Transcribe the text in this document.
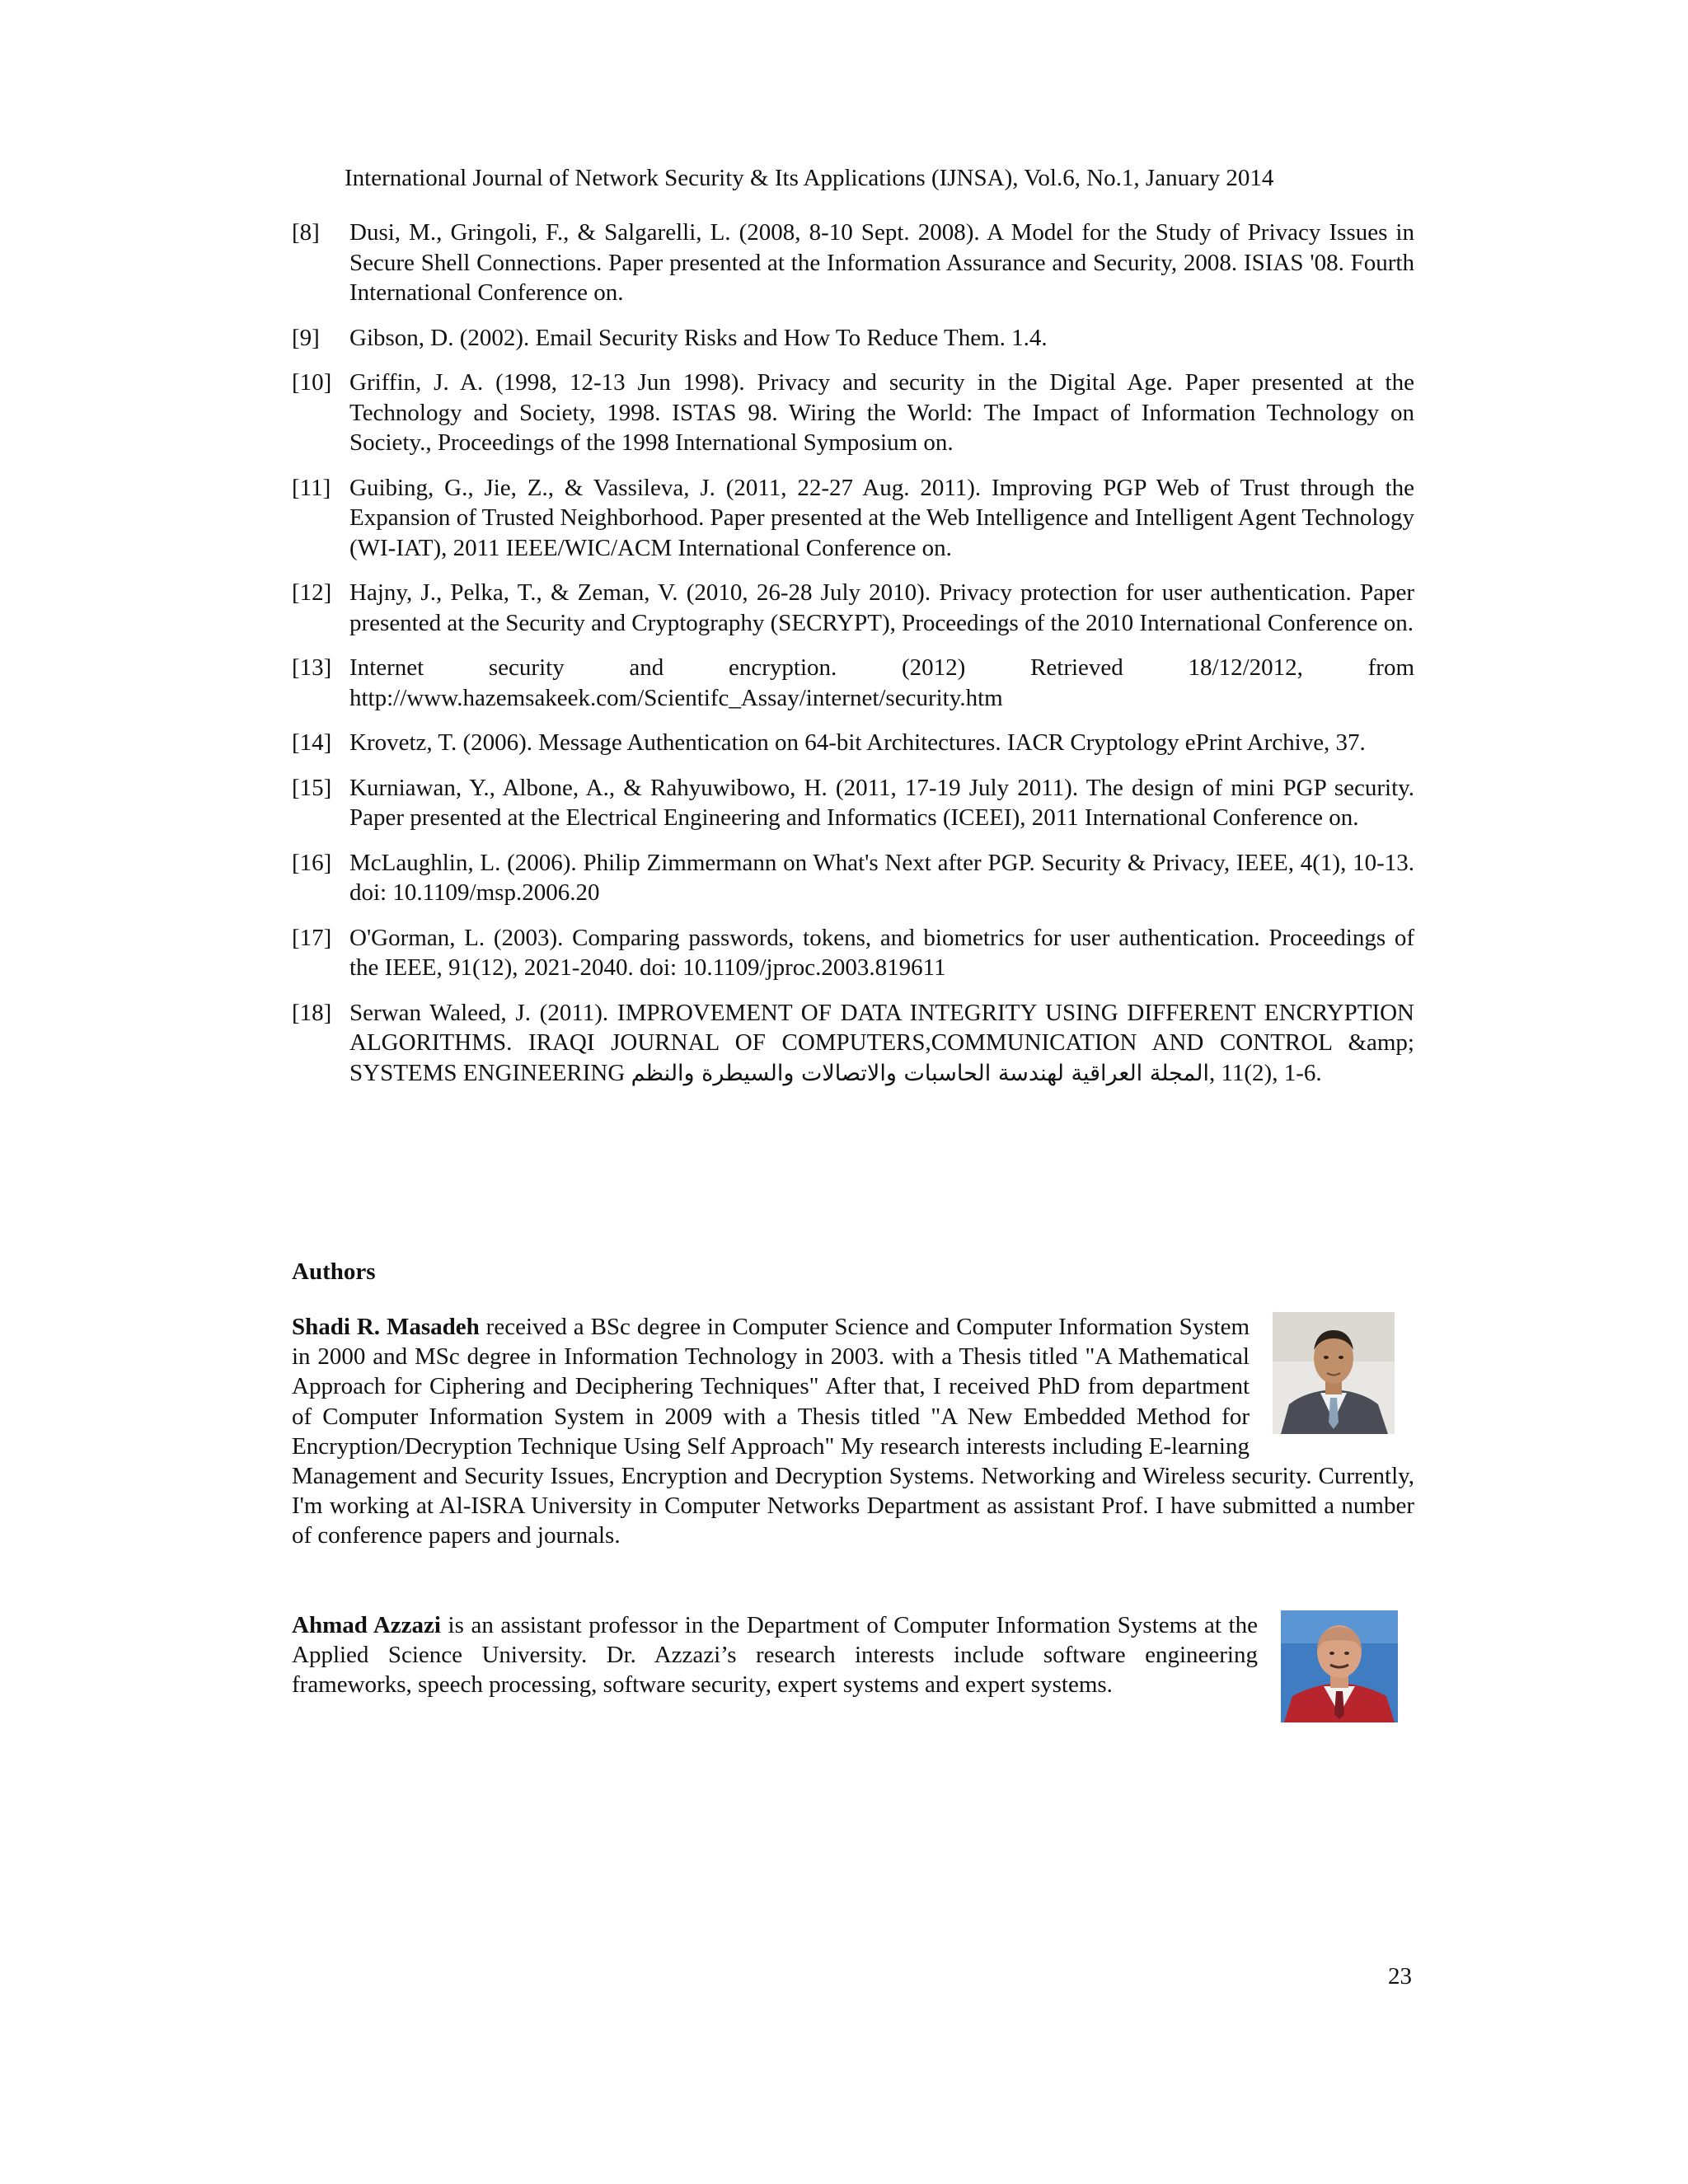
International Journal of Network Security & Its Applications (IJNSA), Vol.6, No.1, January 2014
[8]	Dusi, M., Gringoli, F., & Salgarelli, L. (2008, 8-10 Sept. 2008). A Model for the Study of Privacy Issues in Secure Shell Connections. Paper presented at the Information Assurance and Security, 2008. ISIAS '08. Fourth International Conference on.
[9]	Gibson, D. (2002). Email Security Risks and How To Reduce Them. 1.4.
[10] Griffin, J. A. (1998, 12-13 Jun 1998). Privacy and security in the Digital Age. Paper presented at the Technology and Society, 1998. ISTAS 98. Wiring the World: The Impact of Information Technology on Society., Proceedings of the 1998 International Symposium on.
[11] Guibing, G., Jie, Z., & Vassileva, J. (2011, 22-27 Aug. 2011). Improving PGP Web of Trust through the Expansion of Trusted Neighborhood. Paper presented at the Web Intelligence and Intelligent Agent Technology (WI-IAT), 2011 IEEE/WIC/ACM International Conference on.
[12] Hajny, J., Pelka, T., & Zeman, V. (2010, 26-28 July 2010). Privacy protection for user authentication. Paper presented at the Security and Cryptography (SECRYPT), Proceedings of the 2010 International Conference on.
[13] Internet security and encryption. (2012) Retrieved 18/12/2012, from
http://www.hazemsakeek.com/Scientifc_Assay/internet/security.htm
[14] Krovetz, T. (2006). Message Authentication on 64-bit Architectures. IACR Cryptology ePrint Archive, 37.
[15] Kurniawan, Y., Albone, A., & Rahyuwibowo, H. (2011, 17-19 July 2011). The design of mini PGP security. Paper presented at the Electrical Engineering and Informatics (ICEEI), 2011 International Conference on.
[16] McLaughlin, L. (2006). Philip Zimmermann on What's Next after PGP. Security & Privacy, IEEE, 4(1), 10-13. doi: 10.1109/msp.2006.20
[17] O'Gorman, L. (2003). Comparing passwords, tokens, and biometrics for user authentication. Proceedings of the IEEE, 91(12), 2021-2040. doi: 10.1109/jproc.2003.819611
[18] Serwan Waleed, J. (2011). IMPROVEMENT OF DATA INTEGRITY USING DIFFERENT ENCRYPTION ALGORITHMS. IRAQI JOURNAL OF COMPUTERS,COMMUNICATION AND CONTROL &amp; SYSTEMS ENGINEERING المجلة العراقية لهندسة الحاسبات والاتصالات والسيطرة والنظم, 11(2), 1-6.
Authors
Shadi R. Masadeh received a BSc degree in Computer Science and Computer Information System in 2000 and MSc degree in Information Technology in 2003. with a Thesis titled "A Mathematical Approach for Ciphering and Deciphering Techniques" After that, I received PhD from department of Computer Information System in 2009 with a Thesis titled "A New Embedded Method for Encryption/Decryption Technique Using Self Approach" My research interests including E-learning Management and Security Issues, Encryption and Decryption Systems. Networking and Wireless security. Currently, I'm working at Al-ISRA University in Computer Networks Department as assistant Prof. I have submitted a number of conference papers and journals.
Ahmad Azzazi is an assistant professor in the Department of Computer Information Systems at the Applied Science University. Dr. Azzazi’s research interests include software engineering frameworks, speech processing, software security, expert systems and expert systems.
23
